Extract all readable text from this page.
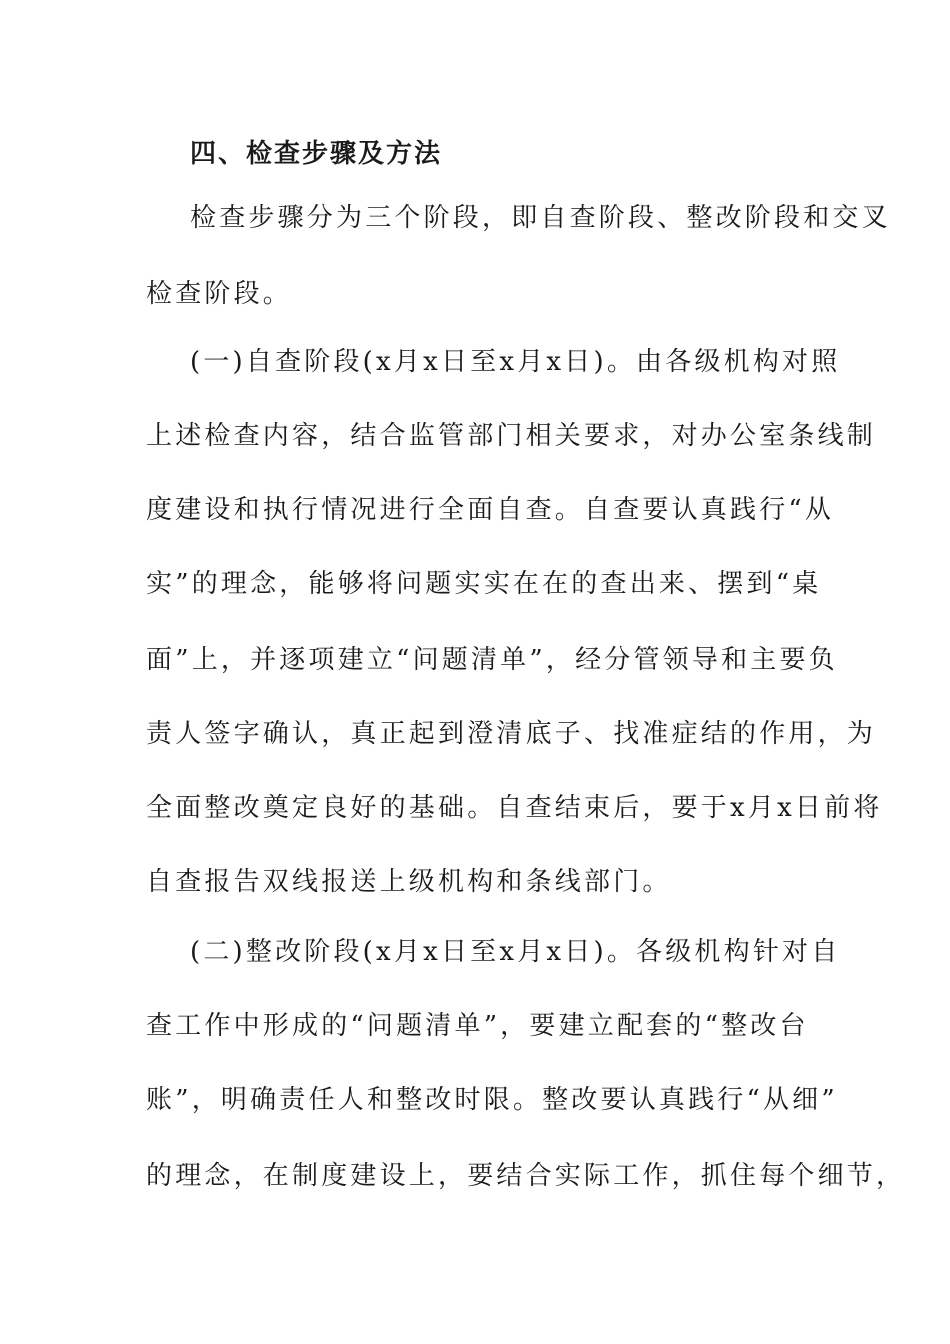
四、检查步骤及方法
检查步骤分为三个阶段，即自查阶段、整改阶段和交叉
检查阶段。
(一)自查阶段(x月x日至x月x日)。由各级机构对照
上述检查内容，结合监管部门相关要求，对办公室条线制
度建设和执行情况进行全面自查。自查要认真践行“从
实”的理念，能够将问题实实在在的查出来、摆到“桌
面”上，并逐项建立“问题清单”，经分管领导和主要负
责人签字确认，真正起到澄清底子、找准症结的作用，为
全面整改奠定良好的基础。自查结束后，要于x月x日前将
自查报告双线报送上级机构和条线部门。
(二)整改阶段(x月x日至x月x日)。各级机构针对自
查工作中形成的“问题清单”，要建立配套的“整改台
账”，明确责任人和整改时限。整改要认真践行“从细”
的理念，在制度建设上，要结合实际工作，抓住每个细节，
